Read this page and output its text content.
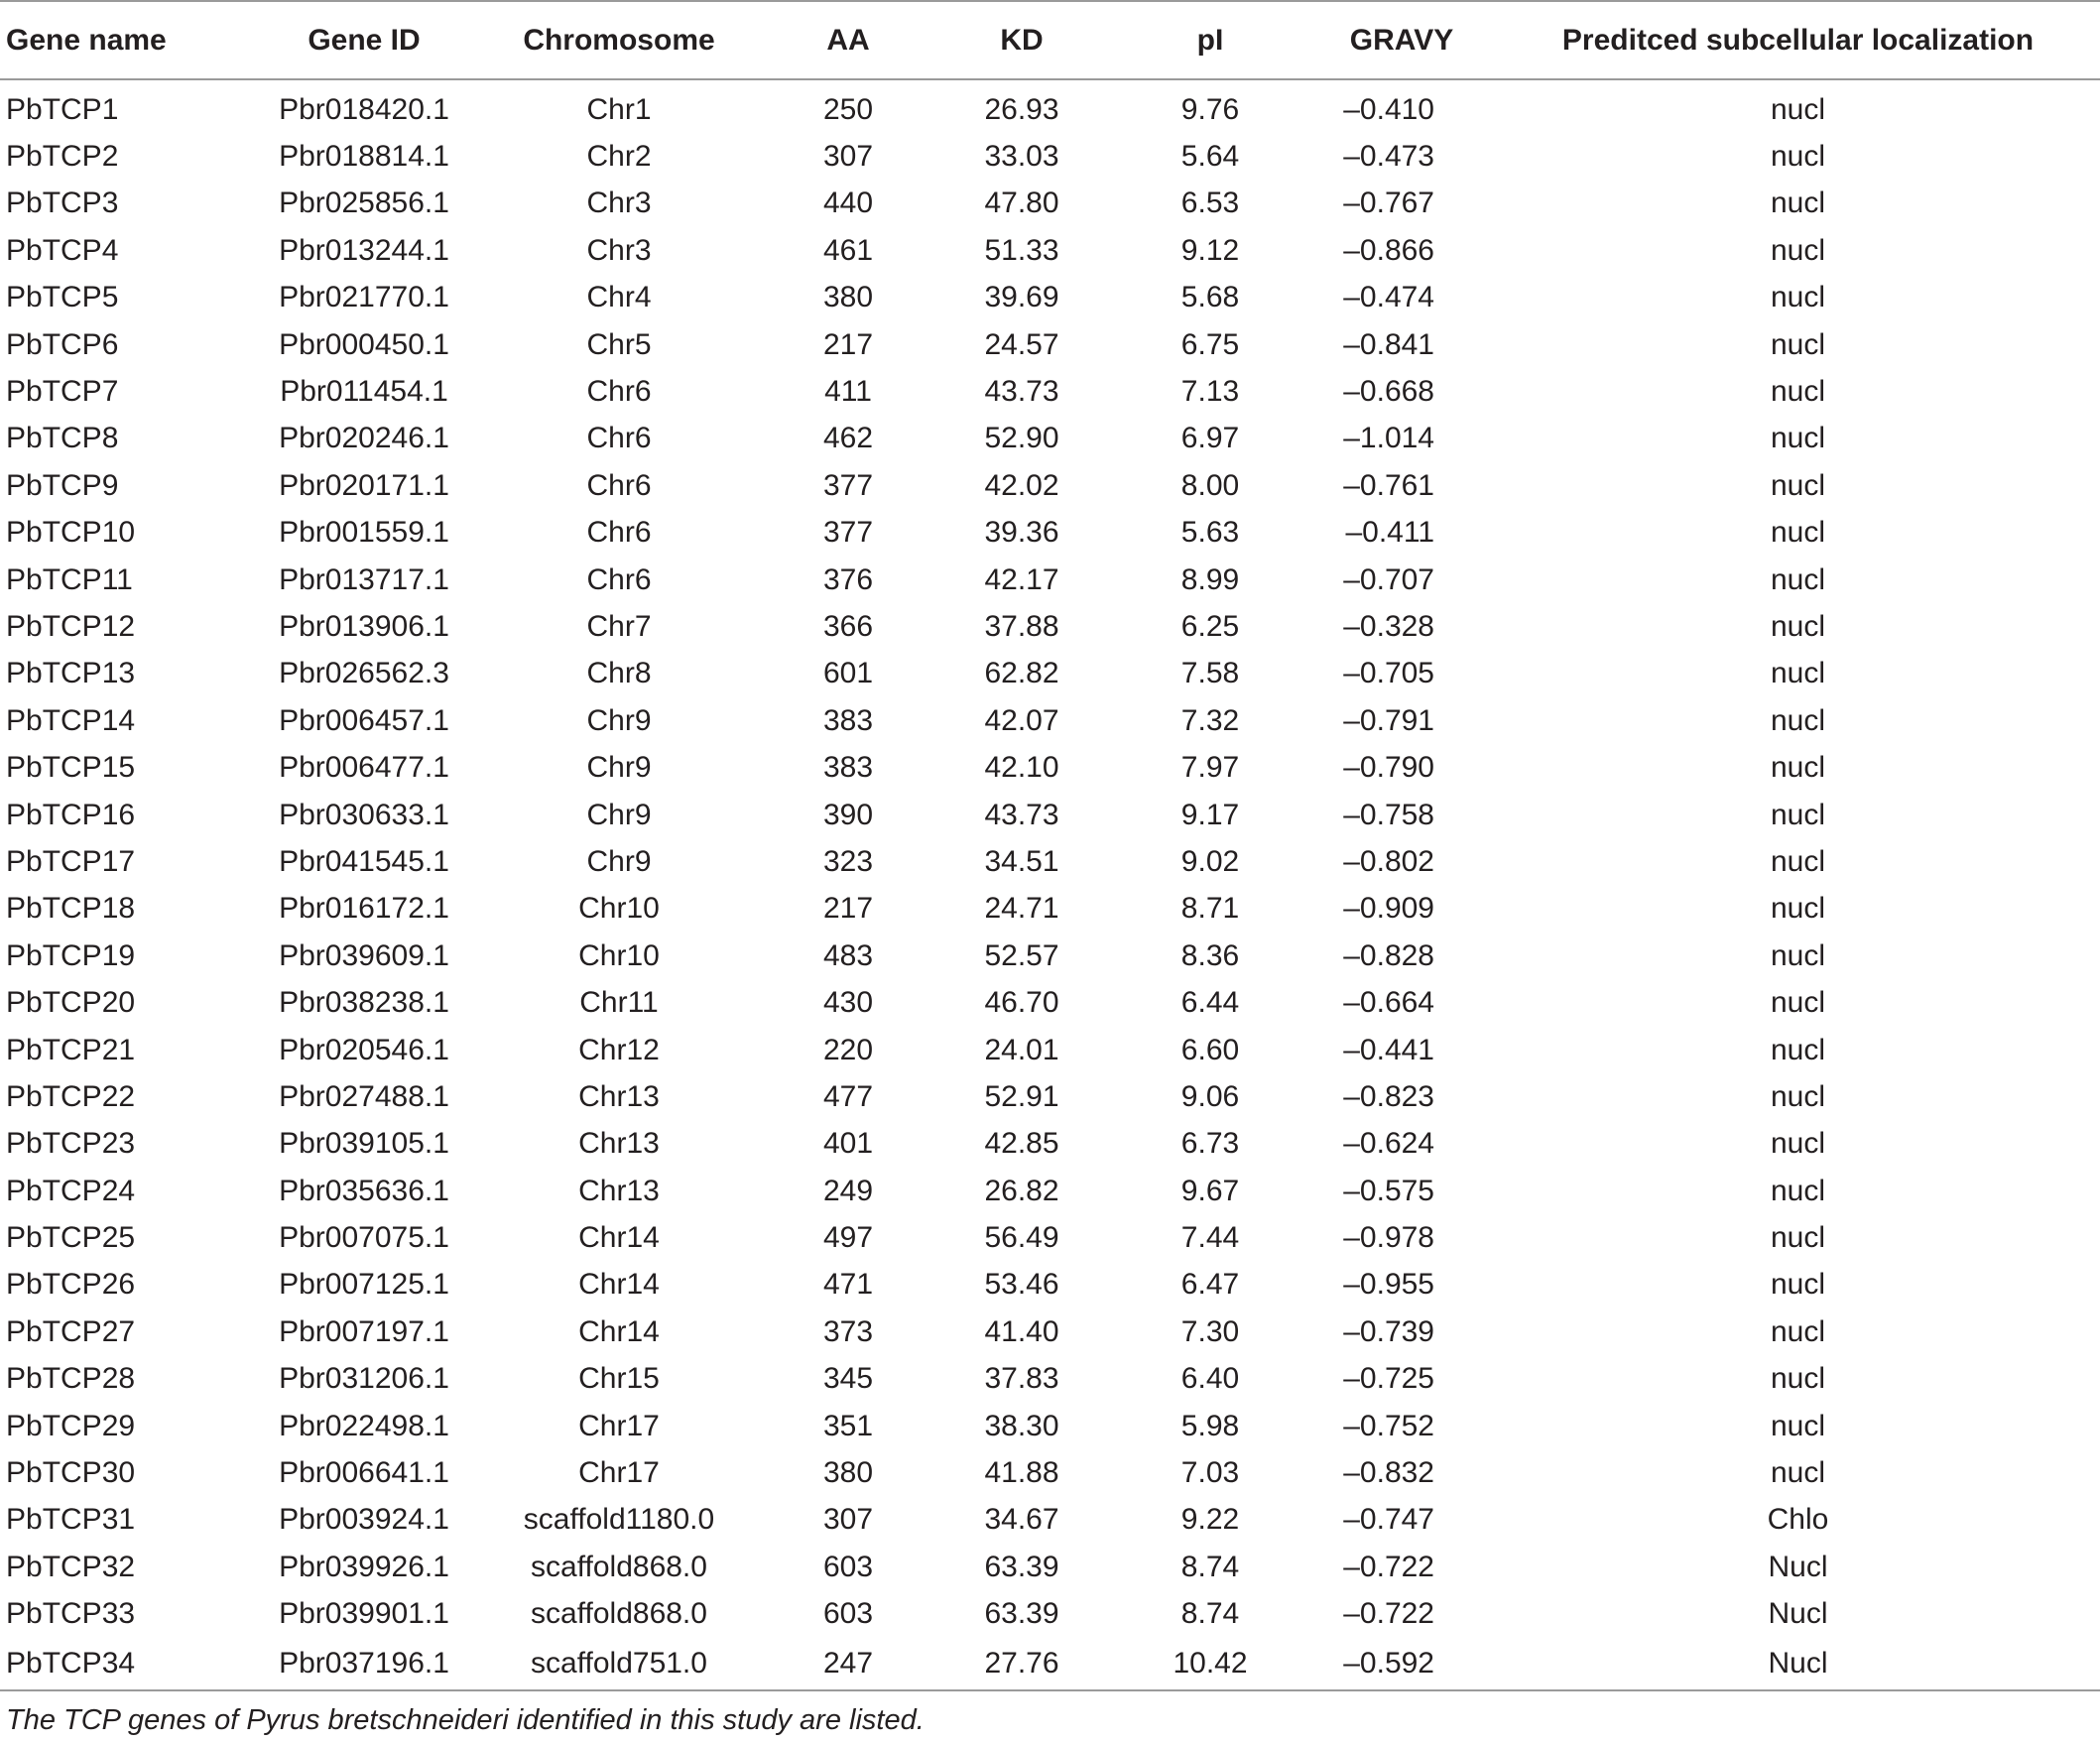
Gene name	Gene ID	Chromosome	AA	KD	pI	GRAVY	Preditced subcellular localization
PbTCP1	Pbr018420.1	Chr1	250	26.93	9.76	–0.410	nucl
PbTCP2	Pbr018814.1	Chr2	307	33.03	5.64	–0.473	nucl
PbTCP3	Pbr025856.1	Chr3	440	47.80	6.53	–0.767	nucl
PbTCP4	Pbr013244.1	Chr3	461	51.33	9.12	–0.866	nucl
PbTCP5	Pbr021770.1	Chr4	380	39.69	5.68	–0.474	nucl
PbTCP6	Pbr000450.1	Chr5	217	24.57	6.75	–0.841	nucl
PbTCP7	Pbr011454.1	Chr6	411	43.73	7.13	–0.668	nucl
PbTCP8	Pbr020246.1	Chr6	462	52.90	6.97	–1.014	nucl
PbTCP9	Pbr020171.1	Chr6	377	42.02	8.00	–0.761	nucl
PbTCP10	Pbr001559.1	Chr6	377	39.36	5.63	–0.411	nucl
PbTCP11	Pbr013717.1	Chr6	376	42.17	8.99	–0.707	nucl
PbTCP12	Pbr013906.1	Chr7	366	37.88	6.25	–0.328	nucl
PbTCP13	Pbr026562.3	Chr8	601	62.82	7.58	–0.705	nucl
PbTCP14	Pbr006457.1	Chr9	383	42.07	7.32	–0.791	nucl
PbTCP15	Pbr006477.1	Chr9	383	42.10	7.97	–0.790	nucl
PbTCP16	Pbr030633.1	Chr9	390	43.73	9.17	–0.758	nucl
PbTCP17	Pbr041545.1	Chr9	323	34.51	9.02	–0.802	nucl
PbTCP18	Pbr016172.1	Chr10	217	24.71	8.71	–0.909	nucl
PbTCP19	Pbr039609.1	Chr10	483	52.57	8.36	–0.828	nucl
PbTCP20	Pbr038238.1	Chr11	430	46.70	6.44	–0.664	nucl
PbTCP21	Pbr020546.1	Chr12	220	24.01	6.60	–0.441	nucl
PbTCP22	Pbr027488.1	Chr13	477	52.91	9.06	–0.823	nucl
PbTCP23	Pbr039105.1	Chr13	401	42.85	6.73	–0.624	nucl
PbTCP24	Pbr035636.1	Chr13	249	26.82	9.67	–0.575	nucl
PbTCP25	Pbr007075.1	Chr14	497	56.49	7.44	–0.978	nucl
PbTCP26	Pbr007125.1	Chr14	471	53.46	6.47	–0.955	nucl
PbTCP27	Pbr007197.1	Chr14	373	41.40	7.30	–0.739	nucl
PbTCP28	Pbr031206.1	Chr15	345	37.83	6.40	–0.725	nucl
PbTCP29	Pbr022498.1	Chr17	351	38.30	5.98	–0.752	nucl
PbTCP30	Pbr006641.1	Chr17	380	41.88	7.03	–0.832	nucl
PbTCP31	Pbr003924.1	scaffold1180.0	307	34.67	9.22	–0.747	Chlo
PbTCP32	Pbr039926.1	scaffold868.0	603	63.39	8.74	–0.722	Nucl
PbTCP33	Pbr039901.1	scaffold868.0	603	63.39	8.74	–0.722	Nucl
PbTCP34	Pbr037196.1	scaffold751.0	247	27.76	10.42	–0.592	Nucl
The TCP genes of Pyrus bretschneideri identified in this study are listed.
